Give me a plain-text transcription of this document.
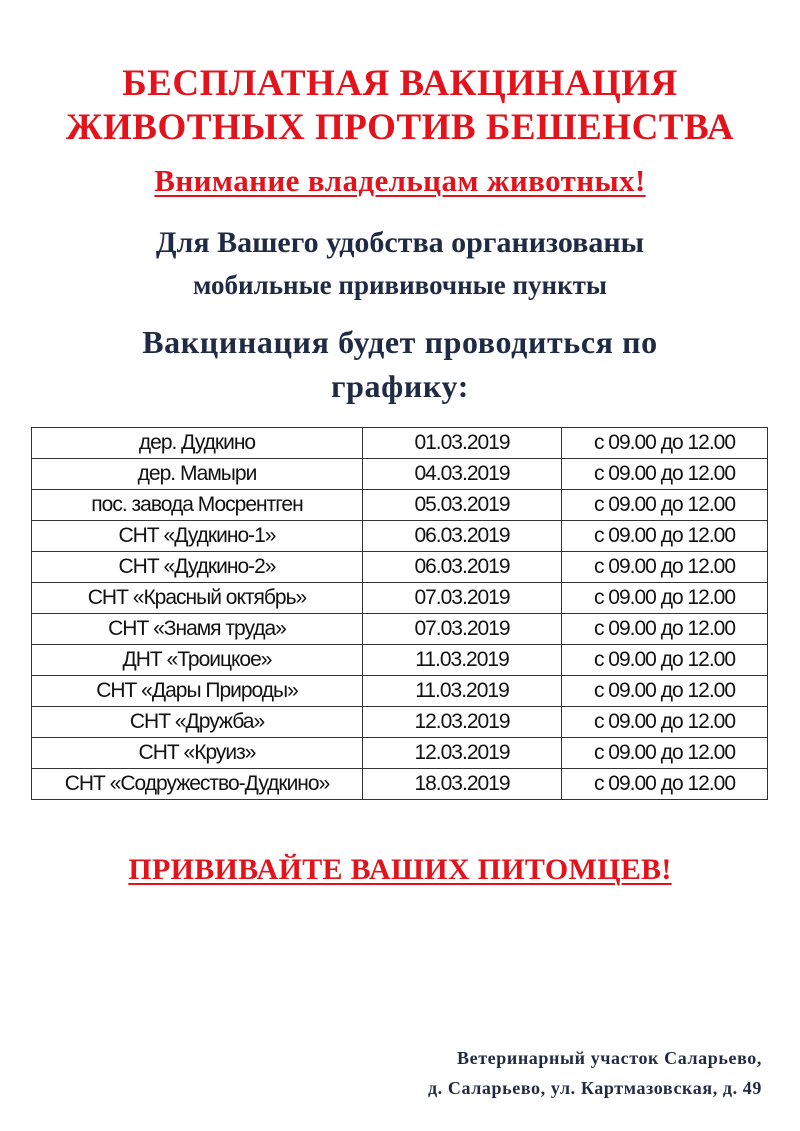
БЕСПЛАТНАЯ ВАКЦИНАЦИЯ
ЖИВОТНЫХ ПРОТИВ БЕШЕНСТВА
Внимание владельцам животных!
Для Вашего удобства организованы
мобильные прививочные пункты
Вакцинация будет проводиться по
графику:
дер. Дудкино	01.03.2019	с 09.00 до 12.00
дер. Мамыри	04.03.2019	с 09.00 до 12.00
пос. завода Мосрентген	05.03.2019	с 09.00 до 12.00
СНТ «Дудкино-1»	06.03.2019	с 09.00 до 12.00
СНТ «Дудкино-2»	06.03.2019	с 09.00 до 12.00
СНТ «Красный октябрь»	07.03.2019	с 09.00 до 12.00
СНТ «Знамя труда»	07.03.2019	с 09.00 до 12.00
ДНТ «Троицкое»	11.03.2019	с 09.00 до 12.00
СНТ «Дары Природы»	11.03.2019	с 09.00 до 12.00
СНТ «Дружба»	12.03.2019	с 09.00 до 12.00
СНТ «Круиз»	12.03.2019	с 09.00 до 12.00
СНТ «Содружество-Дудкино»	18.03.2019	с 09.00 до 12.00
ПРИВИВАЙТЕ ВАШИХ ПИТОМЦЕВ!
Ветеринарный участок Саларьево,
д. Саларьево, ул. Картмазовская, д. 49
